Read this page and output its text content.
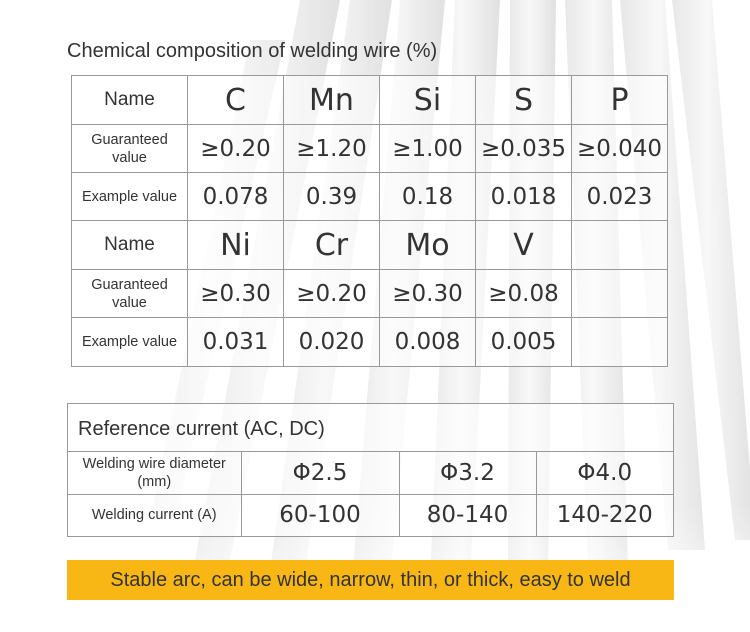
Chemical composition of welding wire (%)
Name	C	Mn	Si	S	P
Guaranteed value	≥0.20	≥1.20	≥1.00	≥0.035	≥0.040
Example value	0.078	0.39	0.18	0.018	0.023
Name	Ni	Cr	Mo	V	
Guaranteed value	≥0.30	≥0.20	≥0.30	≥0.08	
Example value	0.031	0.020	0.008	0.005	
Reference current (AC, DC)
Welding wire diameter (mm)	Φ2.5	Φ3.2	Φ4.0
Welding current (A)	60-100	80-140	140-220
Stable arc, can be wide, narrow, thin, or thick, easy to weld
